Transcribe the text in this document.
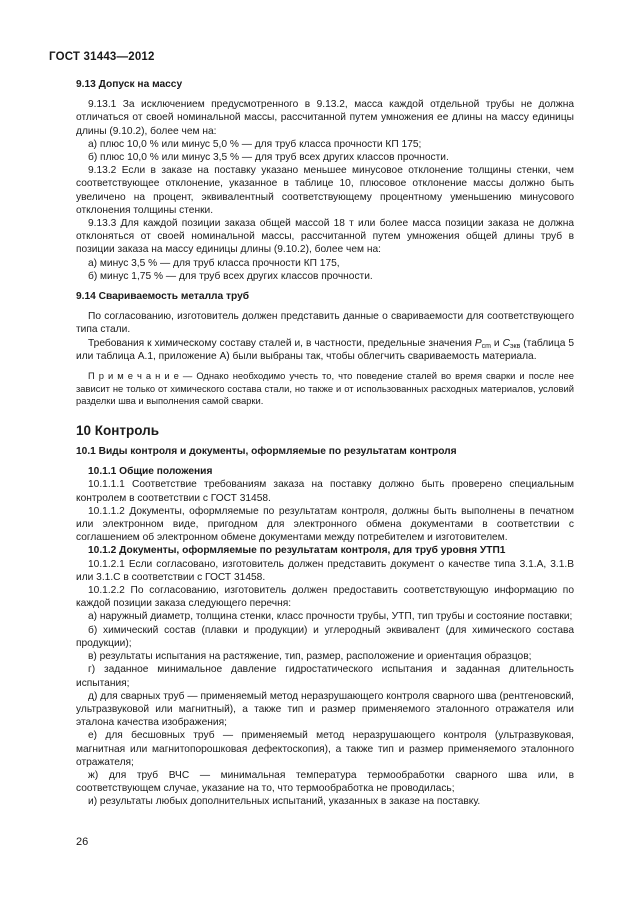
ГОСТ 31443—2012

9.13 Допуск на массу

9.13.1 За исключением предусмотренного в 9.13.2, масса каждой отдельной трубы не должна отличаться от своей номинальной массы, рассчитанной путем умножения ее длины на массу единицы длины (9.10.2), более чем на:

а) плюс 10,0 % или минус 5,0 % — для труб класса прочности КП 175;

б) плюс 10,0 % или минус 3,5 % — для труб всех других классов прочности.

9.13.2 Если в заказе на поставку указано меньшее минусовое отклонение толщины стенки, чем соответствующее отклонение, указанное в таблице 10, плюсовое отклонение массы должно быть увеличено на процент, эквивалентный соответствующему процентному уменьшению минусового отклонения толщины стенки.

9.13.3 Для каждой позиции заказа общей массой 18 т или более масса позиции заказа не должна отклоняться от своей номинальной массы, рассчитанной путем умножения общей длины труб в позиции заказа на массу единицы длины (9.10.2), более чем на:

а) минус 3,5 % — для труб класса прочности КП 175,

б) минус 1,75 % — для труб всех других классов прочности.

9.14 Свариваемость металла труб

По согласованию, изготовитель должен представить данные о свариваемости для соответствующего типа стали.

Требования к химическому составу сталей и, в частности, предельные значения $P_{cm}$ и $C_{экв}$ (таблица 5 или таблица А.1, приложение А) были выбраны так, чтобы облегчить свариваемость материала.

П р и м е ч а н и е — Однако необходимо учесть то, что поведение сталей во время сварки и после нее зависит не только от химического состава стали, но также и от использованных расходных материалов, условий разделки шва и выполнения самой сварки.

10 Контроль

10.1 Виды контроля и документы, оформляемые по результатам контроля

10.1.1 Общие положения

10.1.1.1 Соответствие требованиям заказа на поставку должно быть проверено специальным контролем в соответствии с ГОСТ 31458.

10.1.1.2 Документы, оформляемые по результатам контроля, должны быть выполнены в печатном или электронном виде, пригодном для электронного обмена документами в соответствии с соглашением об электронном обмене документами между потребителем и изготовителем.

10.1.2 Документы, оформляемые по результатам контроля, для труб уровня УТП1

10.1.2.1 Если согласовано, изготовитель должен представить документ о качестве типа 3.1.А, 3.1.В или 3.1.С в соответствии с ГОСТ 31458.

10.1.2.2 По согласованию, изготовитель должен предоставить соответствующую информацию по каждой позиции заказа следующего перечня:

а) наружный диаметр, толщина стенки, класс прочности трубы, УТП, тип трубы и состояние поставки;

б) химический состав (плавки и продукции) и углеродный эквивалент (для химического состава продукции);

в) результаты испытания на растяжение, тип, размер, расположение и ориентация образцов;

г) заданное минимальное давление гидростатического испытания и заданная длительность испытания;

д) для сварных труб — применяемый метод неразрушающего контроля сварного шва (рентгеновский, ультразвуковой или магнитный), а также тип и размер применяемого эталонного отражателя или эталона качества изображения;

е) для бесшовных труб — применяемый метод неразрушающего контроля (ультразвуковая, магнитная или магнитопорошковая дефектоскопия), а также тип и размер применяемого эталонного отражателя;

ж) для труб ВЧС — минимальная температура термообработки сварного шва или, в соответствующем случае, указание на то, что термообработка не проводилась;

и) результаты любых дополнительных испытаний, указанных в заказе на поставку.

26
